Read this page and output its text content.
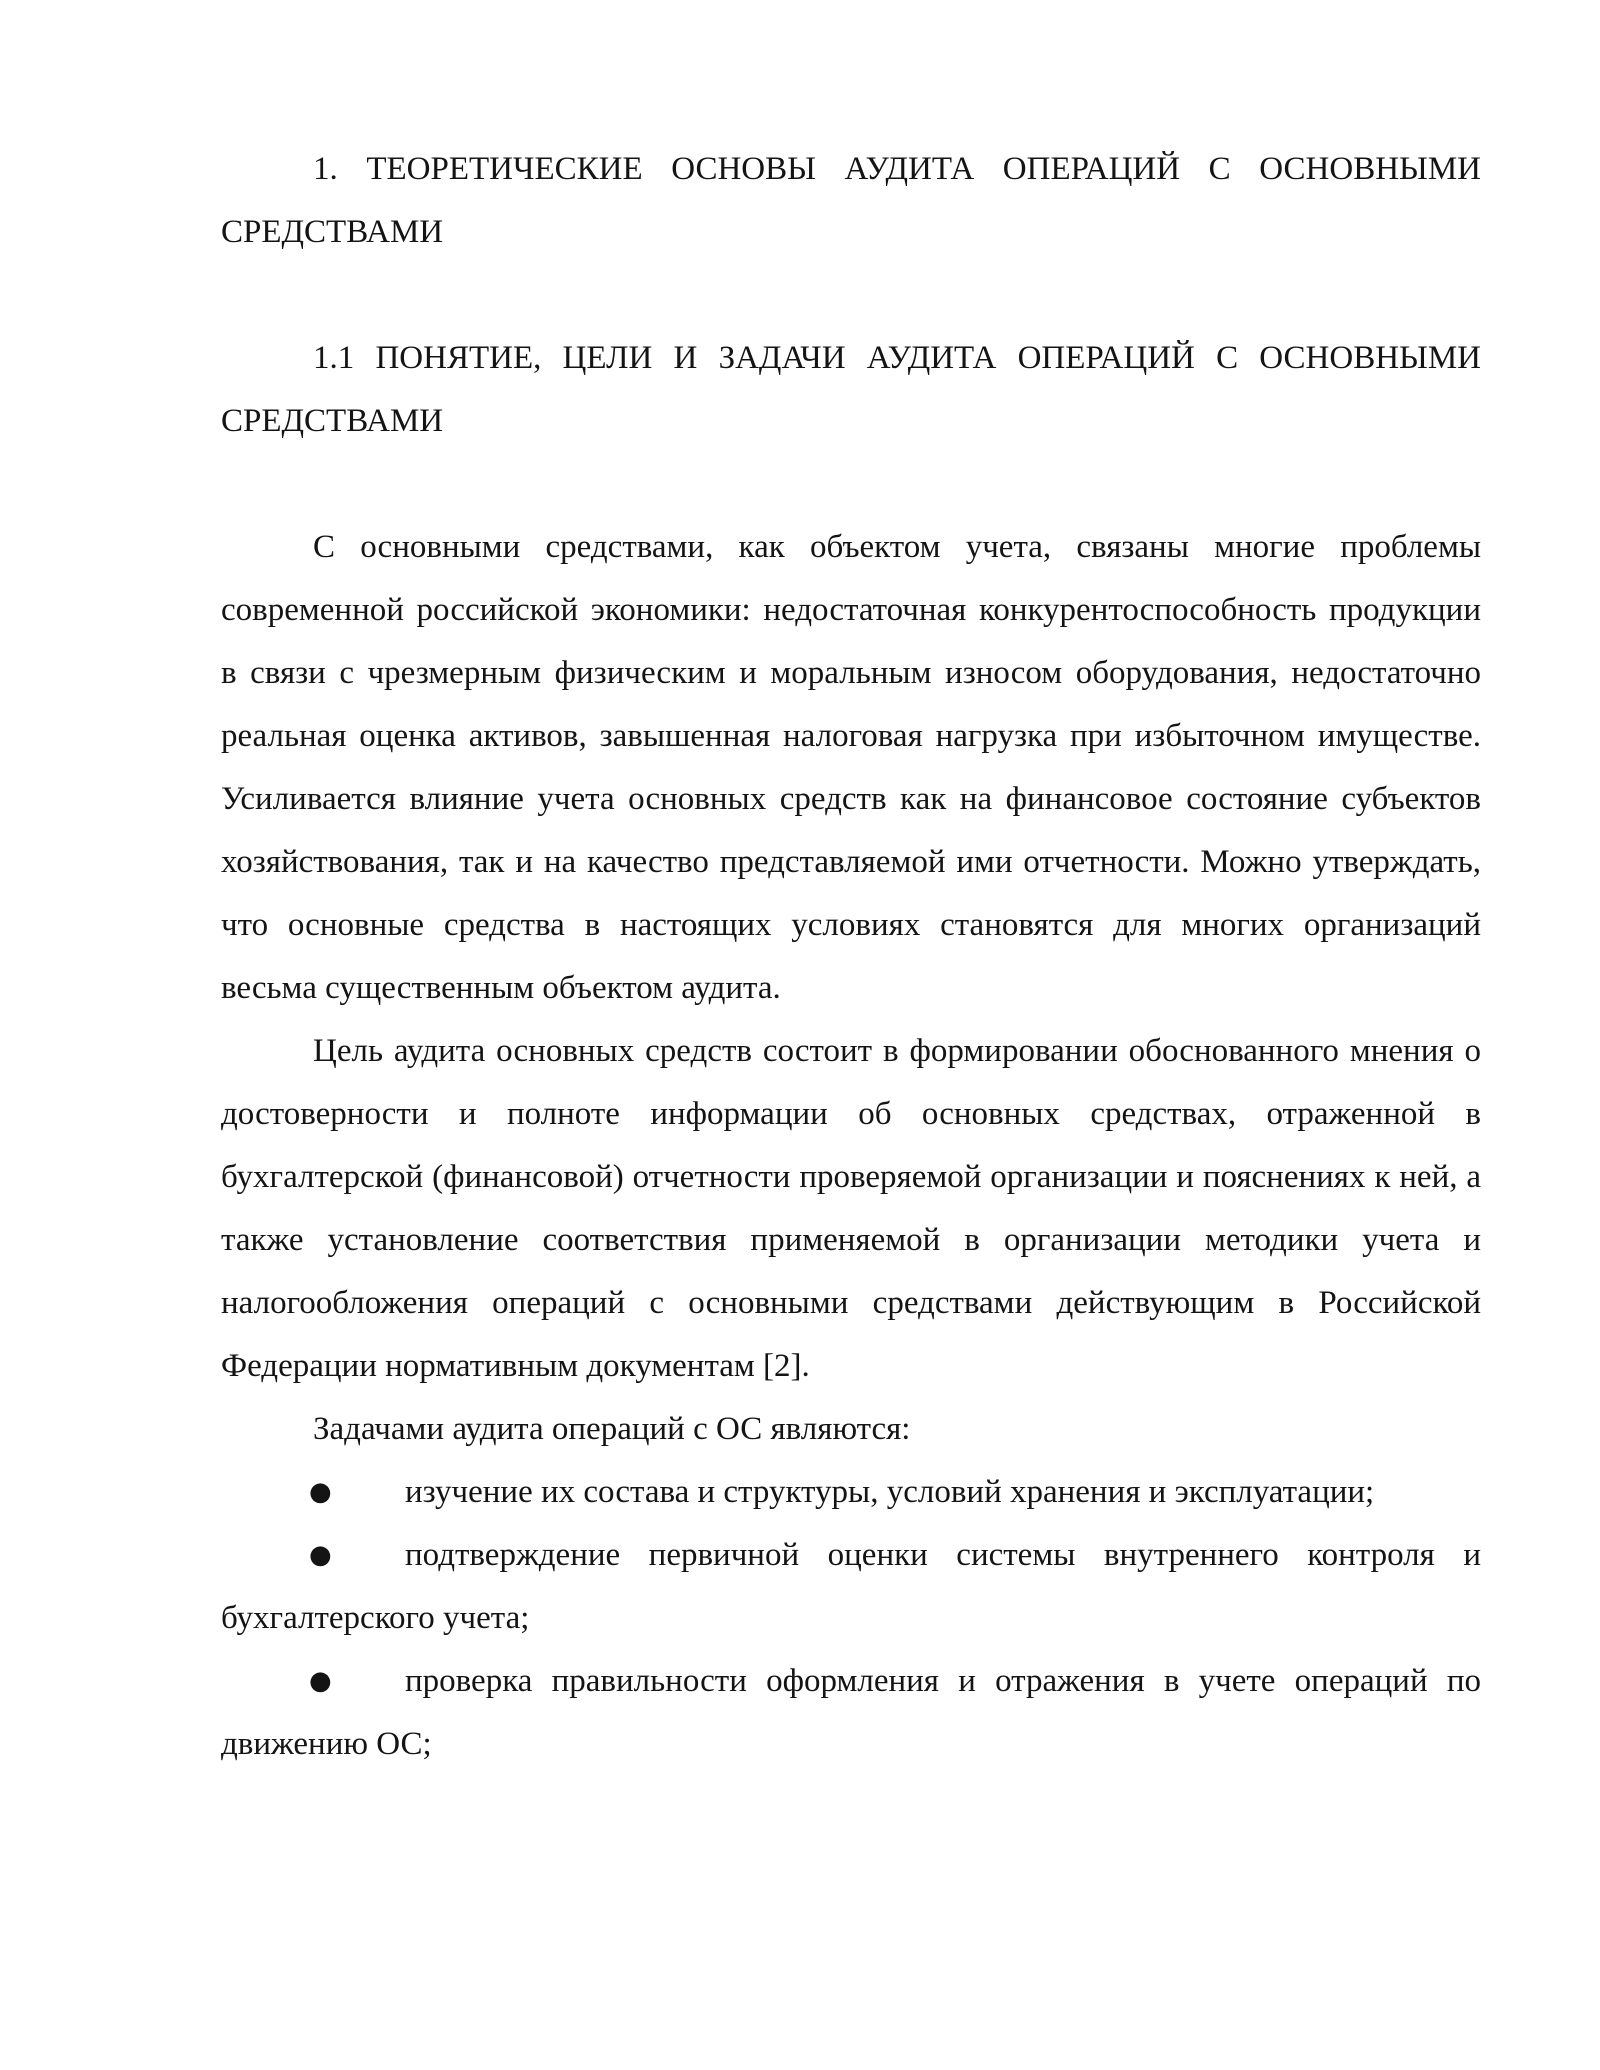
1. ТЕОРЕТИЧЕСКИЕ ОСНОВЫ АУДИТА ОПЕРАЦИЙ С ОСНОВНЫМИ СРЕДСТВАМИ
1.1 ПОНЯТИЕ, ЦЕЛИ И ЗАДАЧИ АУДИТА ОПЕРАЦИЙ С ОСНОВНЫМИ СРЕДСТВАМИ

С основными средствами, как объектом учета, связаны многие проблемы современной российской экономики: недостаточная конкурентоспособность продукции в связи с чрезмерным физическим и моральным износом оборудования, недостаточно реальная оценка активов, завышенная налоговая нагрузка при избыточном имуществе. Усиливается влияние учета основных средств как на финансовое состояние субъектов хозяйствования, так и на качество представляемой ими отчетности. Можно утверждать, что основные средства в настоящих условиях становятся для многих организаций весьма существенным объектом аудита.

Цель аудита основных средств состоит в формировании обоснованного мнения о достоверности и полноте информации об основных средствах, отраженной в бухгалтерской (финансовой) отчетности проверяемой организации и пояснениях к ней, а также установление соответствия применяемой в организации методики учета и налогообложения операций с основными средствами действующим в Российской Федерации нормативным документам [2].

Задачами аудита операций с ОС являются:

● изучение их состава и структуры, условий хранения и эксплуатации;
● подтверждение первичной оценки системы внутреннего контроля и бухгалтерского учета;
● проверка правильности оформления и отражения в учете операций по движению ОС;
